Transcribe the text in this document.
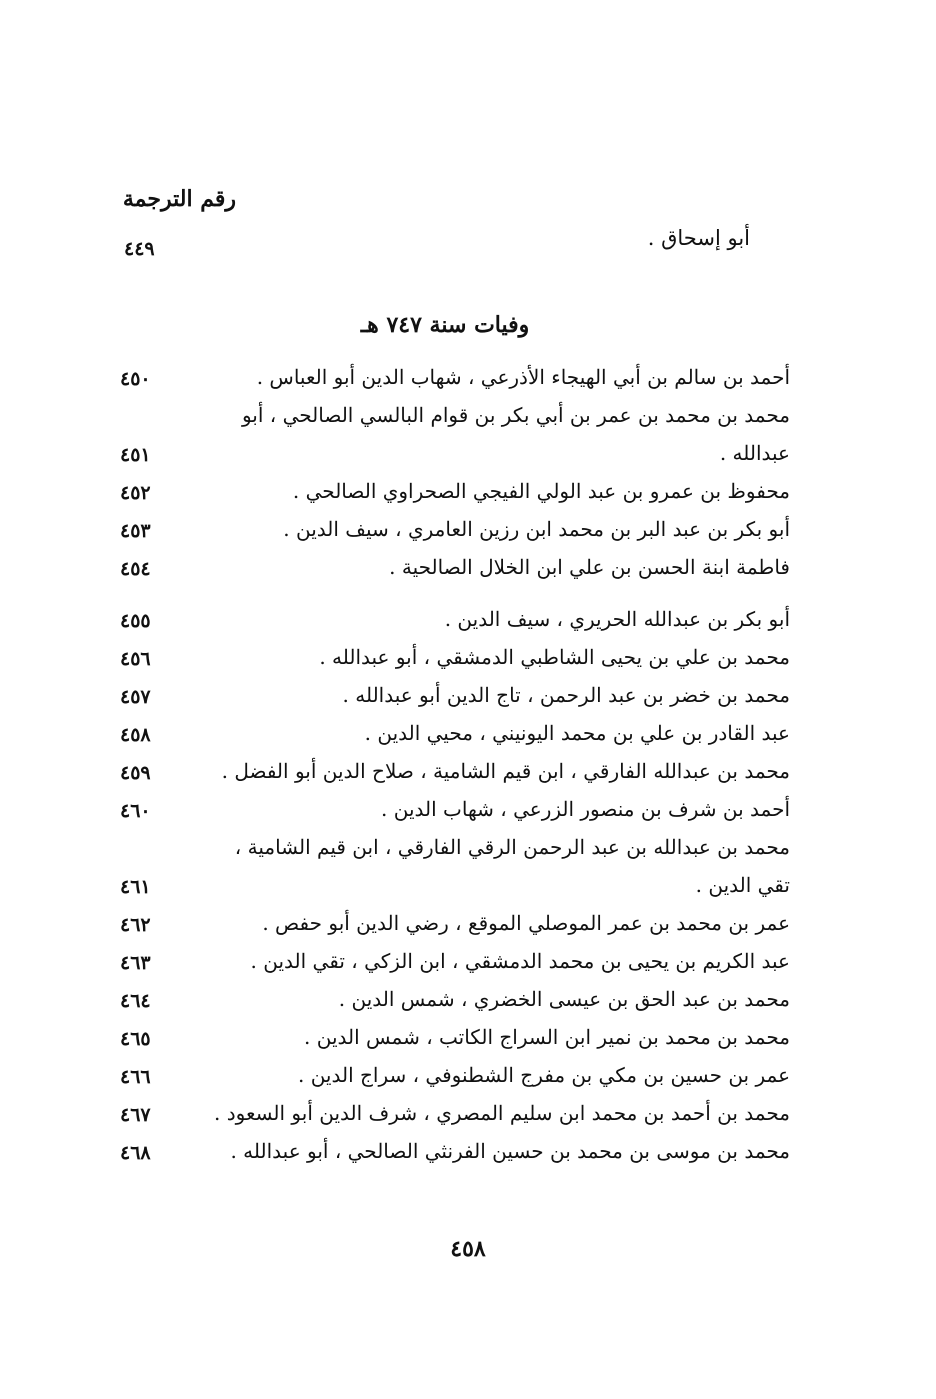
رقم الترجمة
أبو إسحاق .
٤٤٩
وفيات سنة ٧٤٧ هـ
أحمد بن سالم بن أبي الهيجاء الأذرعي ، شهاب الدين أبو العباس .
٤٥٠
محمد بن محمد بن عمر بن أبي بكر بن قوام البالسي الصالحي ، أبو عبدالله .
٤٥١
محفوظ بن عمرو بن عبد الولي الفيجي الصحراوي الصالحي .
٤٥٢
أبو بكر بن عبد البر بن محمد ابن رزين العامري ، سيف الدين .
٤٥٣
فاطمة ابنة الحسن بن علي ابن الخلال الصالحية .
٤٥٤
أبو بكر بن عبدالله الحريري ، سيف الدين .
٤٥٥
محمد بن علي بن يحيى الشاطبي الدمشقي ، أبو عبدالله .
٤٥٦
محمد بن خضر بن عبد الرحمن ، تاج الدين أبو عبدالله .
٤٥٧
عبد القادر بن علي بن محمد اليونيني ، محيي الدين .
٤٥٨
محمد بن عبدالله الفارقي ، ابن قيم الشامية ، صلاح الدين أبو الفضل .
٤٥٩
أحمد بن شرف بن منصور الزرعي ، شهاب الدين .
٤٦٠
محمد بن عبدالله بن عبد الرحمن الرقي الفارقي ، ابن قيم الشامية ، تقي الدين .
٤٦١
عمر بن محمد بن عمر الموصلي الموقع ، رضي الدين أبو حفص .
٤٦٢
عبد الكريم بن يحيى بن محمد الدمشقي ، ابن الزكي ، تقي الدين .
٤٦٣
محمد بن عبد الحق بن عيسى الخضري ، شمس الدين .
٤٦٤
محمد بن محمد بن نمير ابن السراج الكاتب ، شمس الدين .
٤٦٥
عمر بن حسين بن مكي بن مفرج الشطنوفي ، سراج الدين .
٤٦٦
محمد بن أحمد بن محمد ابن سليم المصري ، شرف الدين أبو السعود .
٤٦٧
محمد بن موسى بن محمد بن حسين الفرنثي الصالحي ، أبو عبدالله .
٤٦٨
٤٥٨
